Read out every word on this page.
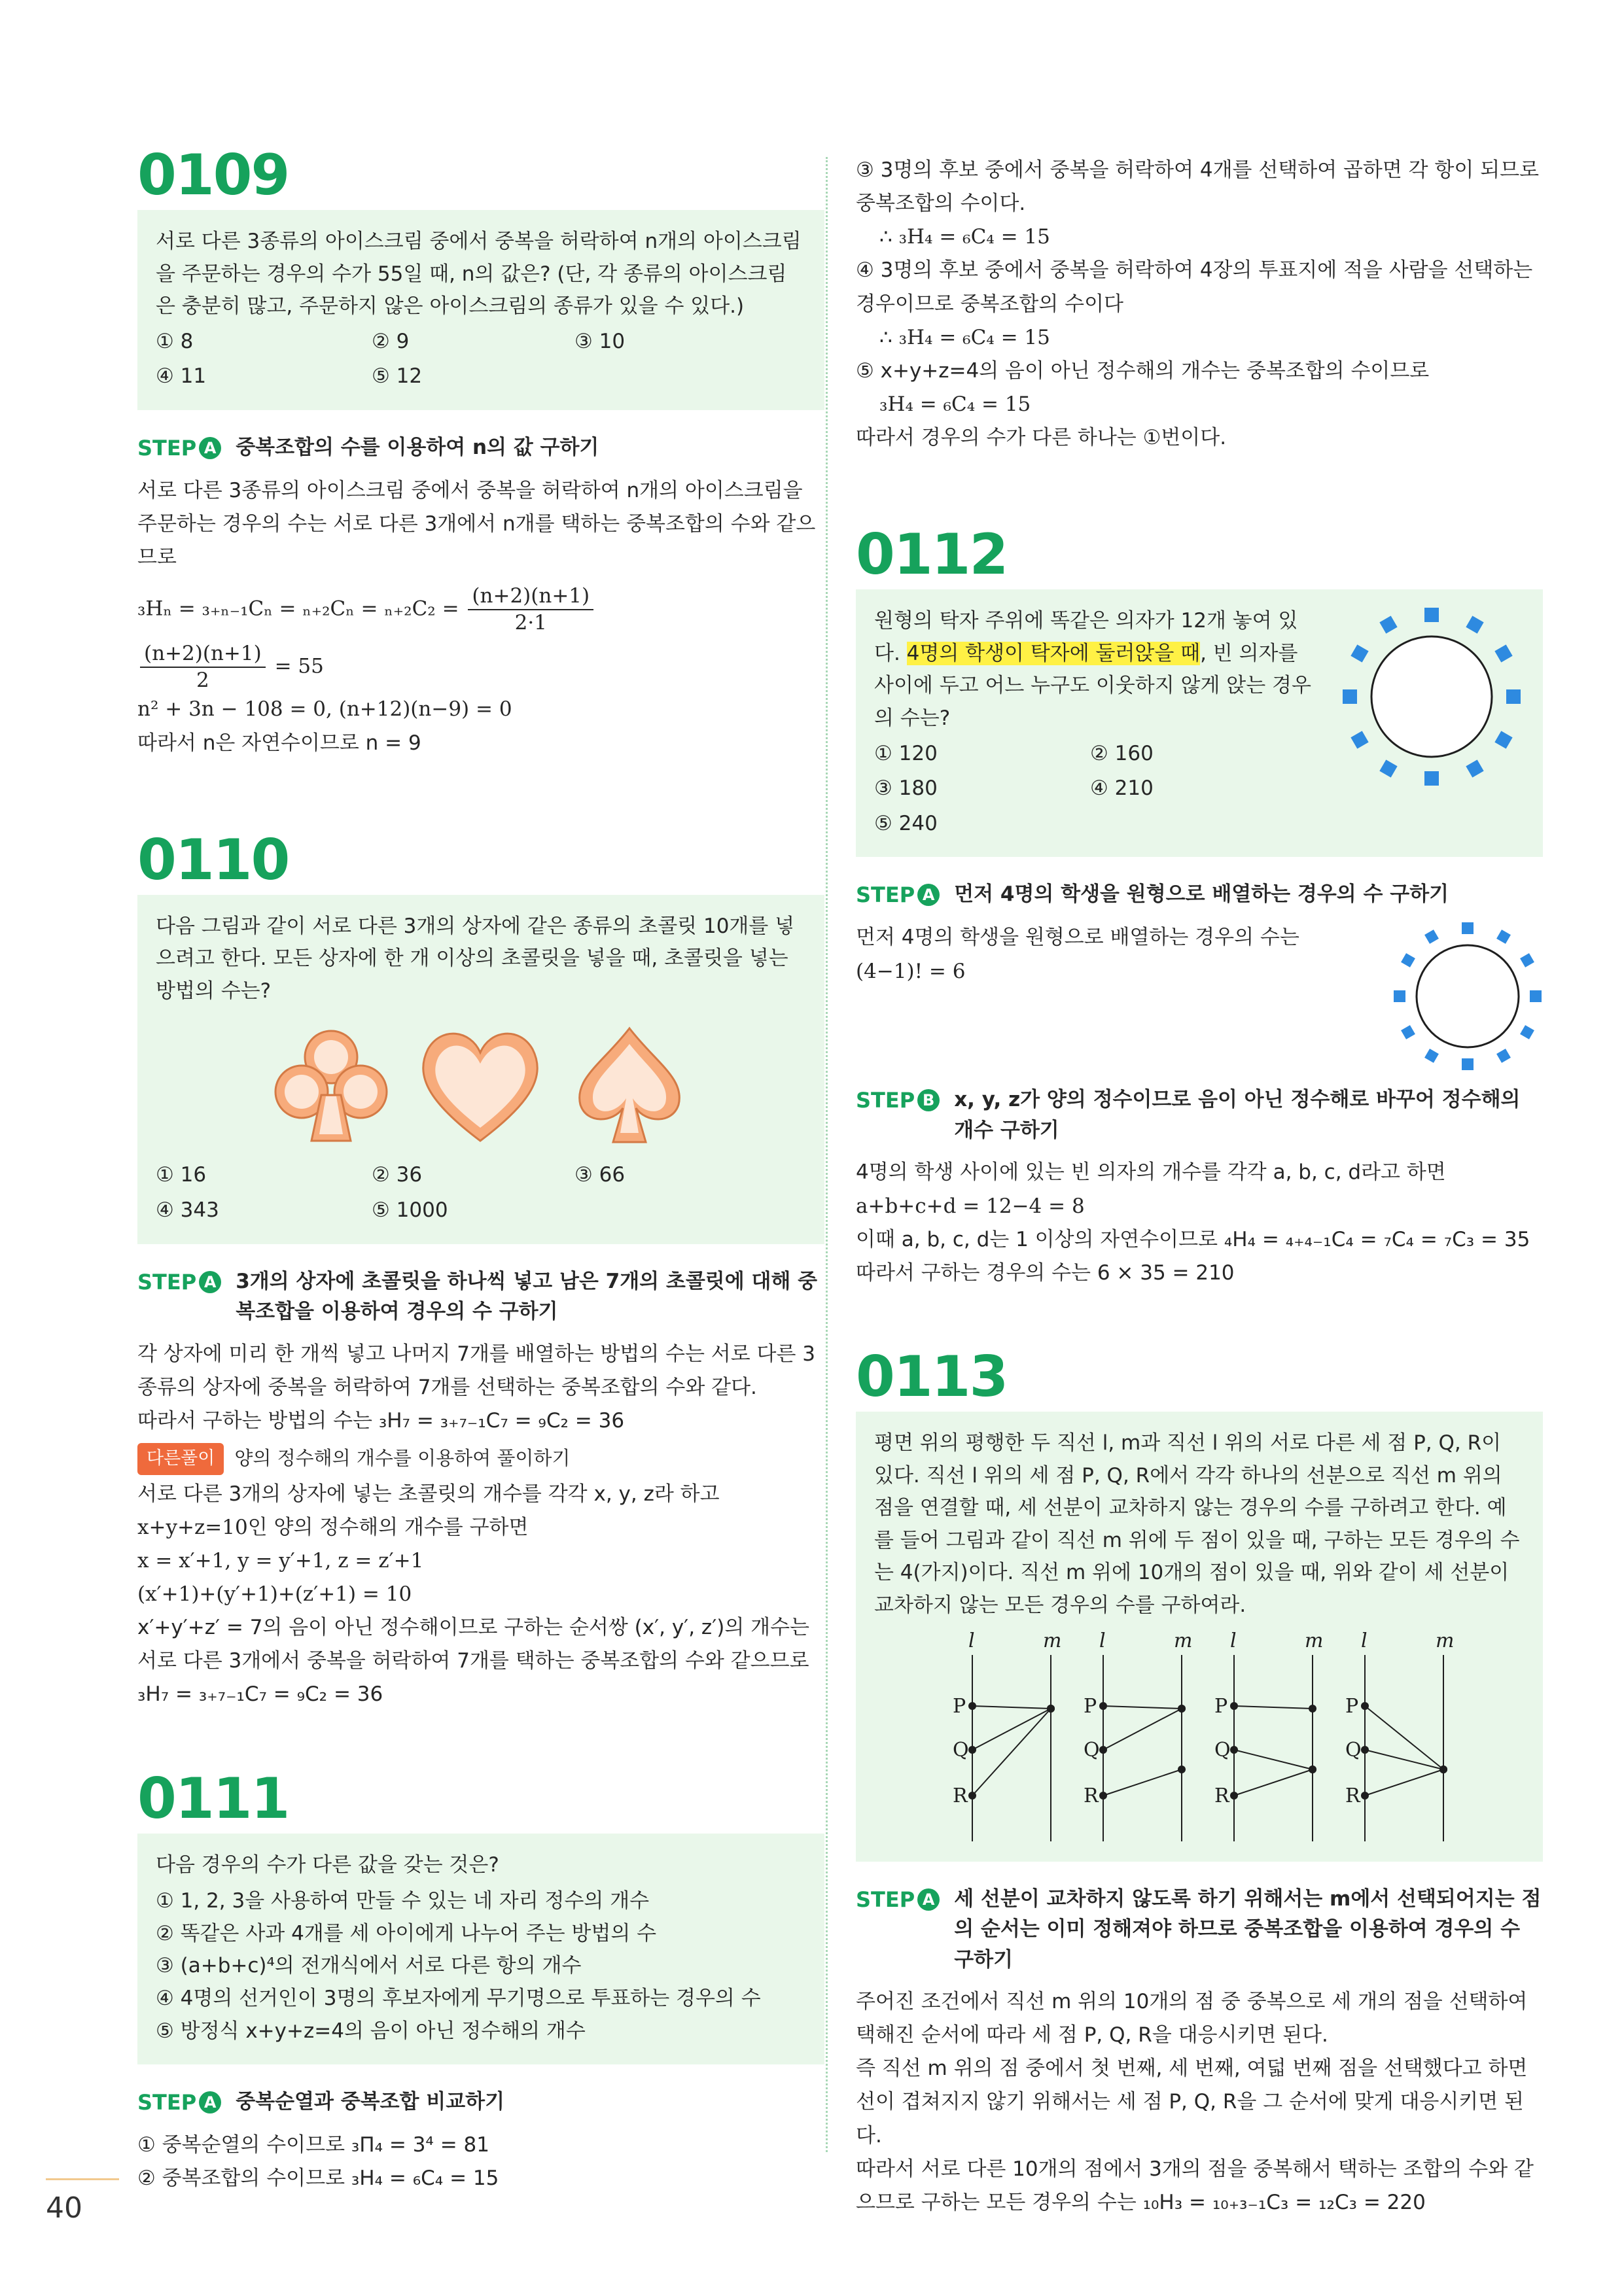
0109
서로 다른 3종류의 아이스크림 중에서 중복을 허락하여 n개의 아이스크림을 주문하는 경우의 수가 55일 때, n의 값은? (단, 각 종류의 아이스크림은 충분히 많고, 주문하지 않은 아이스크림의 종류가 있을 수 있다.)
① 8	② 9	③ 10
④ 11	⑤ 12
STEP A 중복조합의 수를 이용하여 n의 값 구하기

서로 다른 3종류의 아이스크림 중에서 중복을 허락하여 n개의 아이스크림을 주문하는 경우의 수는 서로 다른 3개에서 n개를 택하는 중복조합의 수와 같으므로

$_3H_n = _{3+n-1}C_n = _{n+2}C_n = _{n+2}C_2 = \frac{(n+2)(n+1)}{2\cdot 1}$

$\frac{(n+2)(n+1)}{2} = 55$

n² + 3n − 108 = 0, (n+12)(n−9) = 0

따라서 n은 자연수이므로 n = 9

0110
다음 그림과 같이 서로 다른 3개의 상자에 같은 종류의 초콜릿 10개를 넣으려고 한다. 모든 상자에 한 개 이상의 초콜릿을 넣을 때, 초콜릿을 넣는 방법의 수는?
① 16	② 36	③ 66
④ 343	⑤ 1000
STEP A 3개의 상자에 초콜릿을 하나씩 넣고 남은 7개의 초콜릿에 대해 중복조합을 이용하여 경우의 수 구하기

각 상자에 미리 한 개씩 넣고 나머지 7개를 배열하는 방법의 수는 서로 다른 3종류의 상자에 중복을 허락하여 7개를 선택하는 중복조합의 수와 같다.

따라서 구하는 방법의 수는 ₃H₇ = ₃₊₇₋₁C₇ = ₉C₂ = 36

다른풀이	양의 정수해의 개수를 이용하여 풀이하기

서로 다른 3개의 상자에 넣는 초콜릿의 개수를 각각 x, y, z라 하고

x+y+z=10인 양의 정수해의 개수를 구하면

x = x′+1, y = y′+1, z = z′+1

(x′+1)+(y′+1)+(z′+1) = 10

x′+y′+z′ = 7의 음이 아닌 정수해이므로 구하는 순서쌍 (x′, y′, z′)의 개수는 서로 다른 3개에서 중복을 허락하여 7개를 택하는 중복조합의 수와 같으므로 ₃H₇ = ₃₊₇₋₁C₇ = ₉C₂ = 36

0111
다음 경우의 수가 다른 값을 갖는 것은?
① 1, 2, 3을 사용하여 만들 수 있는 네 자리 정수의 개수
② 똑같은 사과 4개를 세 아이에게 나누어 주는 방법의 수
③ (a+b+c)⁴의 전개식에서 서로 다른 항의 개수
④ 4명의 선거인이 3명의 후보자에게 무기명으로 투표하는 경우의 수
⑤ 방정식 x+y+z=4의 음이 아닌 정수해의 개수
STEP A 중복순열과 중복조합 비교하기

① 중복순열의 수이므로 ₃Π₄ = 3⁴ = 81

② 중복조합의 수이므로 ₃H₄ = ₆C₄ = 15

③ 3명의 후보 중에서 중복을 허락하여 4개를 선택하여 곱하면 각 항이 되므로 중복조합의 수이다.

∴ ₃H₄ = ₆C₄ = 15

④ 3명의 후보 중에서 중복을 허락하여 4장의 투표지에 적을 사람을 선택하는 경우이므로 중복조합의 수이다

∴ ₃H₄ = ₆C₄ = 15

⑤ x+y+z=4의 음이 아닌 정수해의 개수는 중복조합의 수이므로

₃H₄ = ₆C₄ = 15

따라서 경우의 수가 다른 하나는 ①번이다.

0112
원형의 탁자 주위에 똑같은 의자가 12개 놓여 있다. 4명의 학생이 탁자에 둘러앉을 때, 빈 의자를 사이에 두고 어느 누구도 이웃하지 않게 앉는 경우의 수는?
① 120	② 160
③ 180	④ 210
⑤ 240
STEP A 먼저 4명의 학생을 원형으로 배열하는 경우의 수 구하기

먼저 4명의 학생을 원형으로 배열하는 경우의 수는

(4−1)! = 6

STEP B x, y, z가 양의 정수이므로 음이 아닌 정수해로 바꾸어 정수해의 개수 구하기

4명의 학생 사이에 있는 빈 의자의 개수를 각각 a, b, c, d라고 하면

a+b+c+d = 12−4 = 8

이때 a, b, c, d는 1 이상의 자연수이므로 ₄H₄ = ₄₊₄₋₁C₄ = ₇C₄ = ₇C₃ = 35

따라서 구하는 경우의 수는 6 × 35 = 210

0113
평면 위의 평행한 두 직선 l, m과 직선 l 위의 서로 다른 세 점 P, Q, R이 있다. 직선 l 위의 세 점 P, Q, R에서 각각 하나의 선분으로 직선 m 위의 점을 연결할 때, 세 선분이 교차하지 않는 경우의 수를 구하려고 한다. 예를 들어 그림과 같이 직선 m 위에 두 점이 있을 때, 구하는 모든 경우의 수는 4(가지)이다. 직선 m 위에 10개의 점이 있을 때, 위와 같이 세 선분이 교차하지 않는 모든 경우의 수를 구하여라.
l	m
P
Q
R
l	m
P
Q
R
l	m
P
Q
R
l	m
P
Q
R
STEP A 세 선분이 교차하지 않도록 하기 위해서는 m에서 선택되어지는 점의 순서는 이미 정해져야 하므로 중복조합을 이용하여 경우의 수 구하기

주어진 조건에서 직선 m 위의 10개의 점 중 중복으로 세 개의 점을 선택하여 택해진 순서에 따라 세 점 P, Q, R을 대응시키면 된다.

즉 직선 m 위의 점 중에서 첫 번째, 세 번째, 여덟 번째 점을 선택했다고 하면 선이 겹쳐지지 않기 위해서는 세 점 P, Q, R을 그 순서에 맞게 대응시키면 된다.

따라서 서로 다른 10개의 점에서 3개의 점을 중복해서 택하는 조합의 수와 같으므로 구하는 모든 경우의 수는 ₁₀H₃ = ₁₀₊₃₋₁C₃ = ₁₂C₃ = 220

40
